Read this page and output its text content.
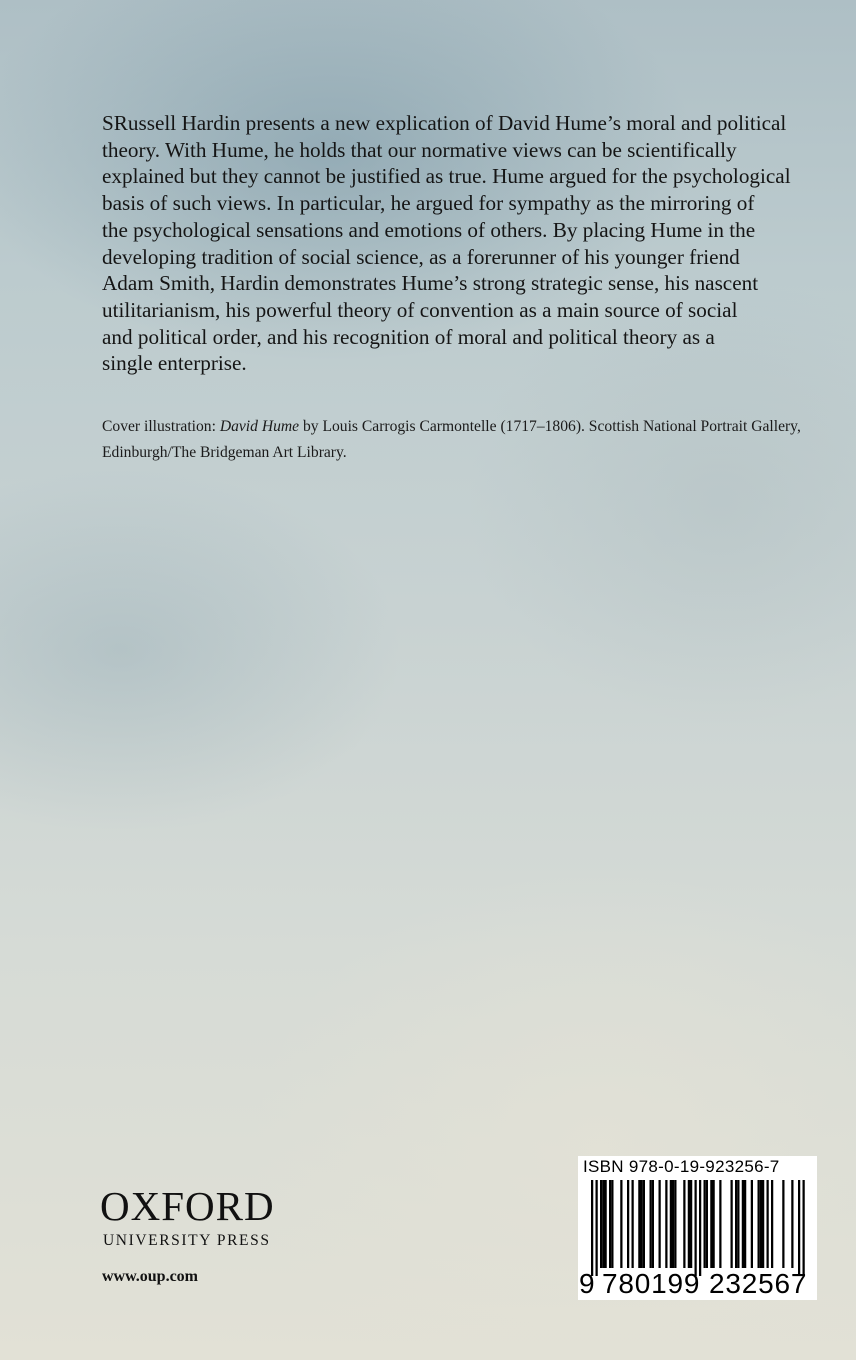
SRussell Hardin presents a new explication of David Hume’s moral and political
theory. With Hume, he holds that our normative views can be scientifically
explained but they cannot be justified as true. Hume argued for the psychological
basis of such views. In particular, he argued for sympathy as the mirroring of
the psychological sensations and emotions of others. By placing Hume in the
developing tradition of social science, as a forerunner of his younger friend
Adam Smith, Hardin demonstrates Hume’s strong strategic sense, his nascent
utilitarianism, his powerful theory of convention as a main source of social
and political order, and his recognition of moral and political theory as a
single enterprise.
Cover illustration: David Hume by Louis Carrogis Carmontelle (1717–1806). Scottish National Portrait Gallery,
Edinburgh/The Bridgeman Art Library.
OXFORD
UNIVERSITY PRESS
www.oup.com
ISBN 978-0-19-923256-7
9 780199 232567
